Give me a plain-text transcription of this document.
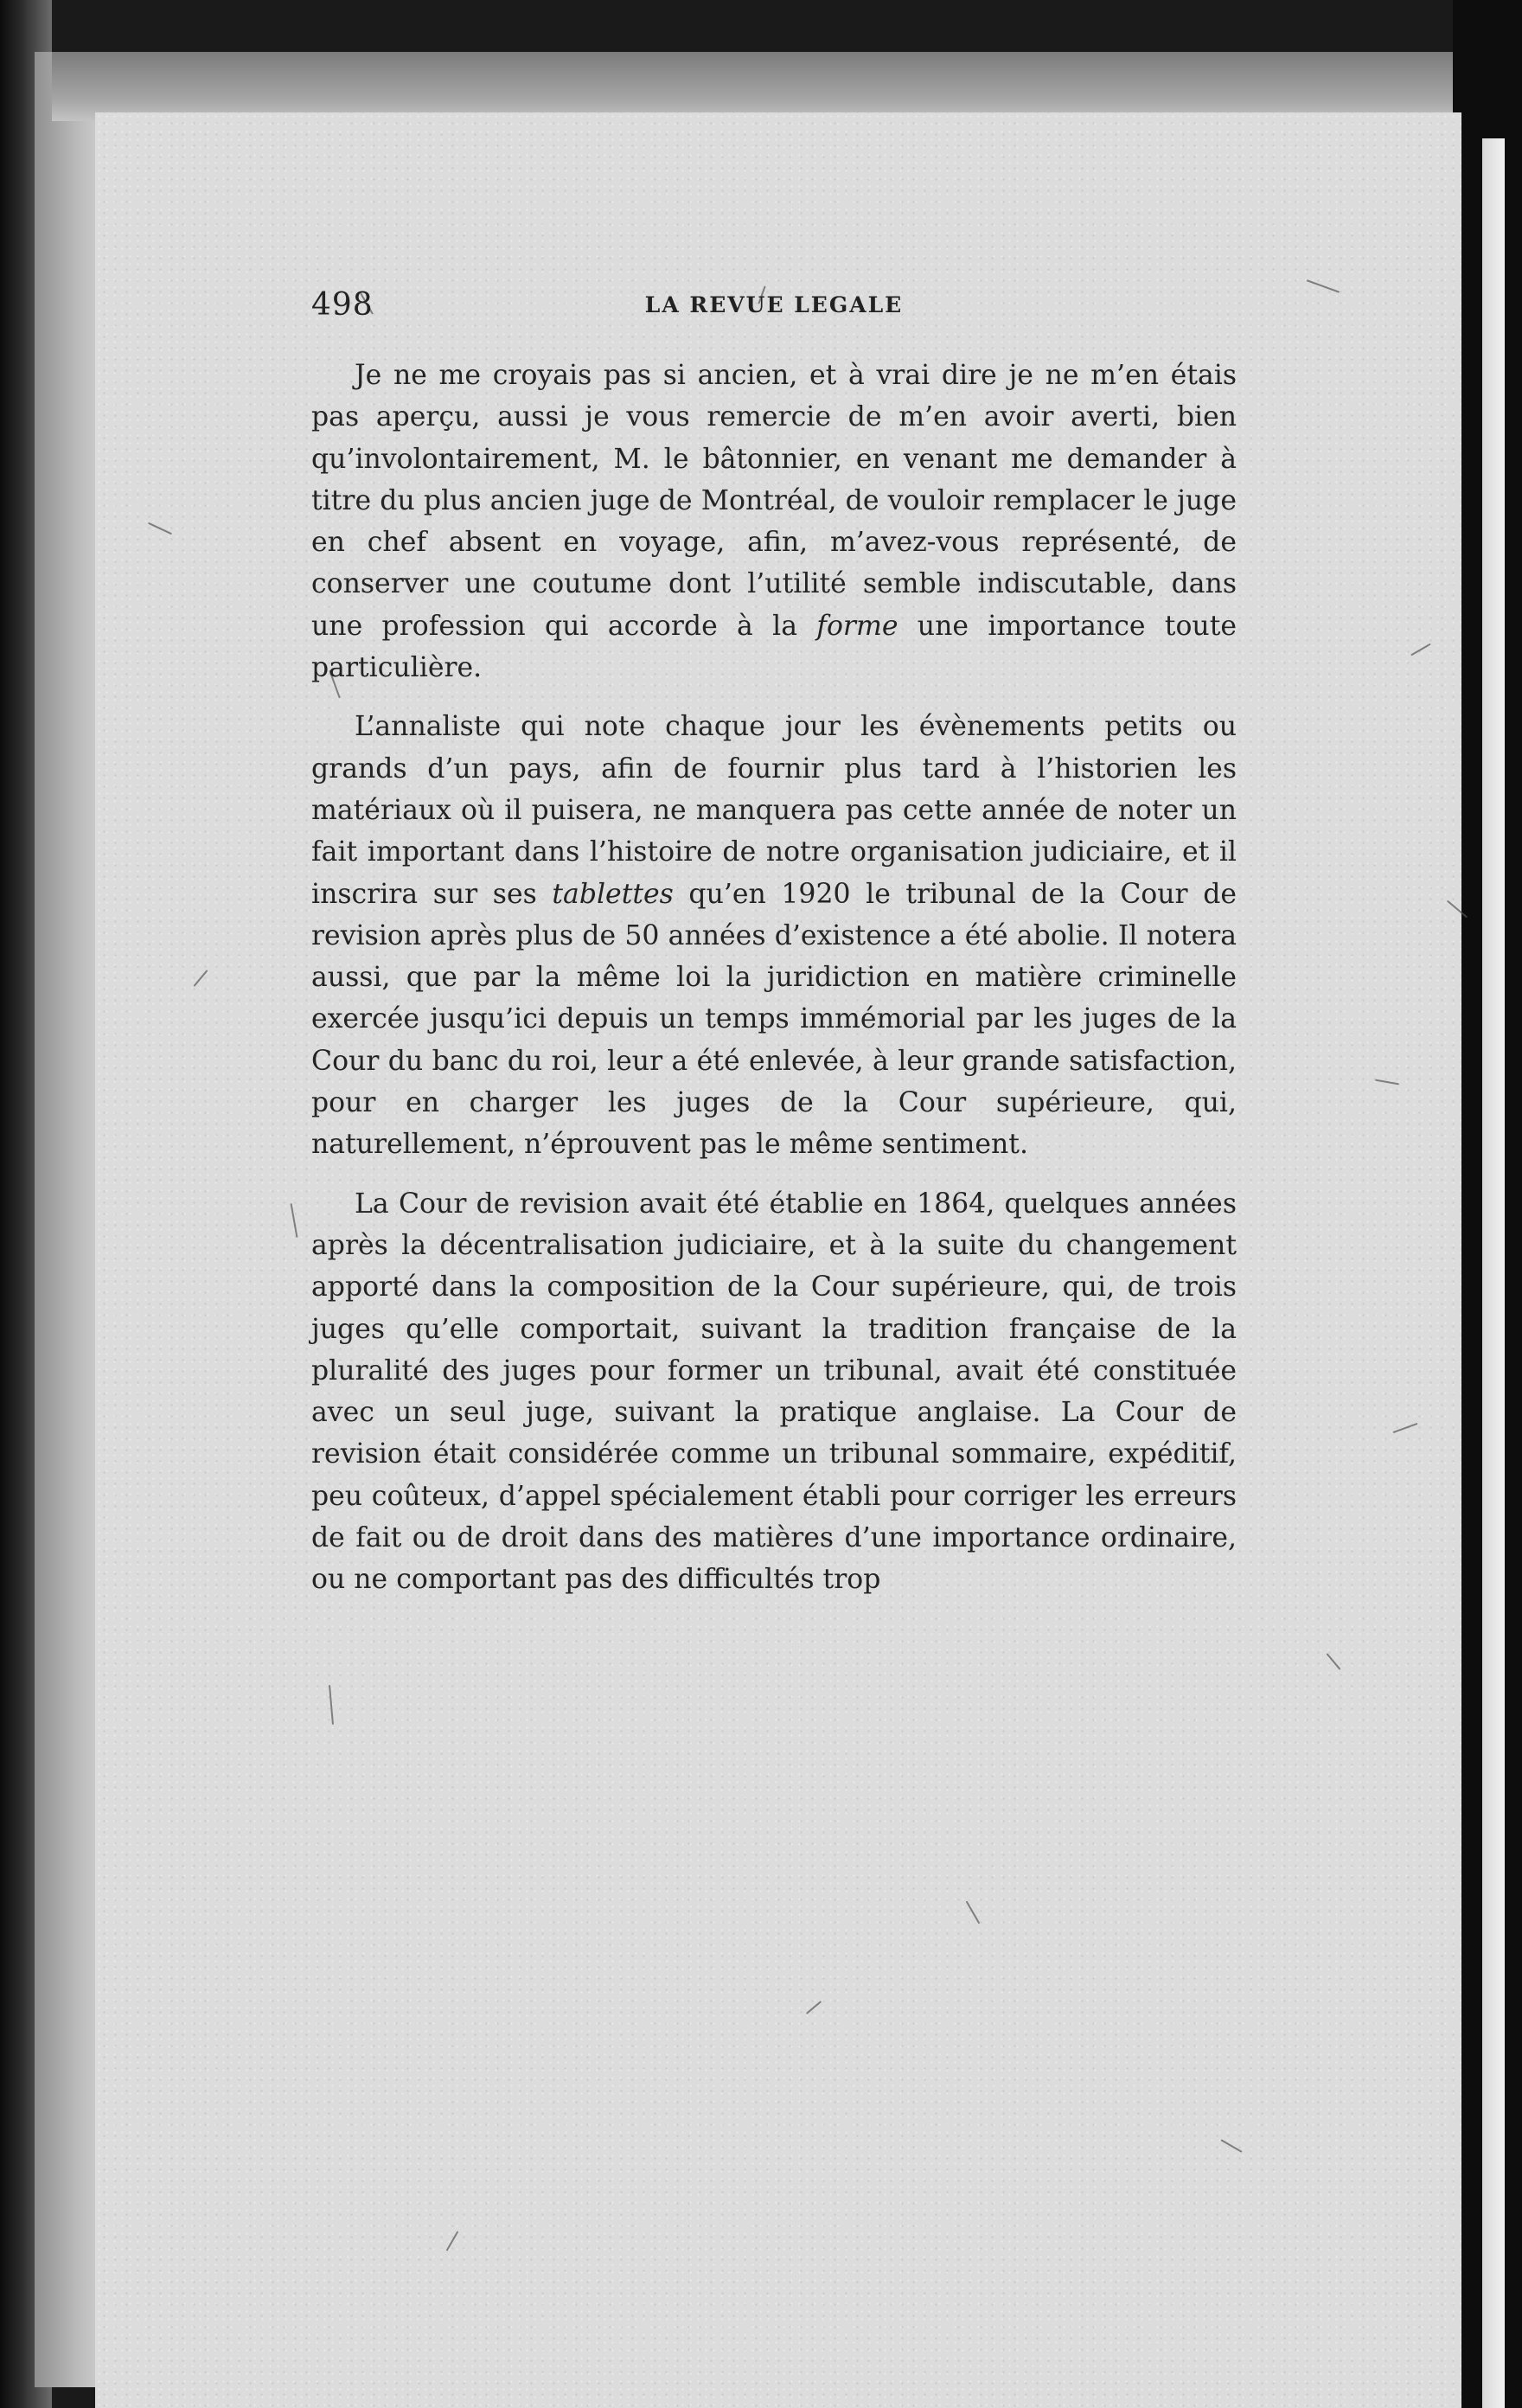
498	LA REVUE LEGALE

Je ne me croyais pas si ancien, et à vrai dire je ne m’en étais pas aperçu, aussi je vous remercie de m’en avoir averti, bien qu’involontairement, M. le bâtonnier, en venant me demander à titre du plus ancien juge de Montréal, de vouloir remplacer le juge en chef absent en voyage, afin, m’avez-vous représenté, de conserver une coutume dont l’utilité semble indiscutable, dans une profession qui accorde à la forme une importance toute particulière.

L’annaliste qui note chaque jour les évènements petits ou grands d’un pays, afin de fournir plus tard à l’historien les matériaux où il puisera, ne manquera pas cette année de noter un fait important dans l’histoire de notre organisation judiciaire, et il inscrira sur ses tablettes qu’en 1920 le tribunal de la Cour de revision après plus de 50 années d’existence a été abolie. Il notera aussi, que par la même loi la juridiction en matière criminelle exercée jusqu’ici depuis un temps immémorial par les juges de la Cour du banc du roi, leur a été enlevée, à leur grande satisfaction, pour en charger les juges de la Cour supérieure, qui, naturellement, n’éprouvent pas le même sentiment.

La Cour de revision avait été établie en 1864, quelques années après la décentralisation judiciaire, et à la suite du changement apporté dans la composition de la Cour supérieure, qui, de trois juges qu’elle comportait, suivant la tradition française de la pluralité des juges pour former un tribunal, avait été constituée avec un seul juge, suivant la pratique anglaise. La Cour de revision était considérée comme un tribunal sommaire, expéditif, peu coûteux, d’appel spécialement établi pour corriger les erreurs de fait ou de droit dans des matières d’une importance ordinaire, ou ne comportant pas des difficultés trop
